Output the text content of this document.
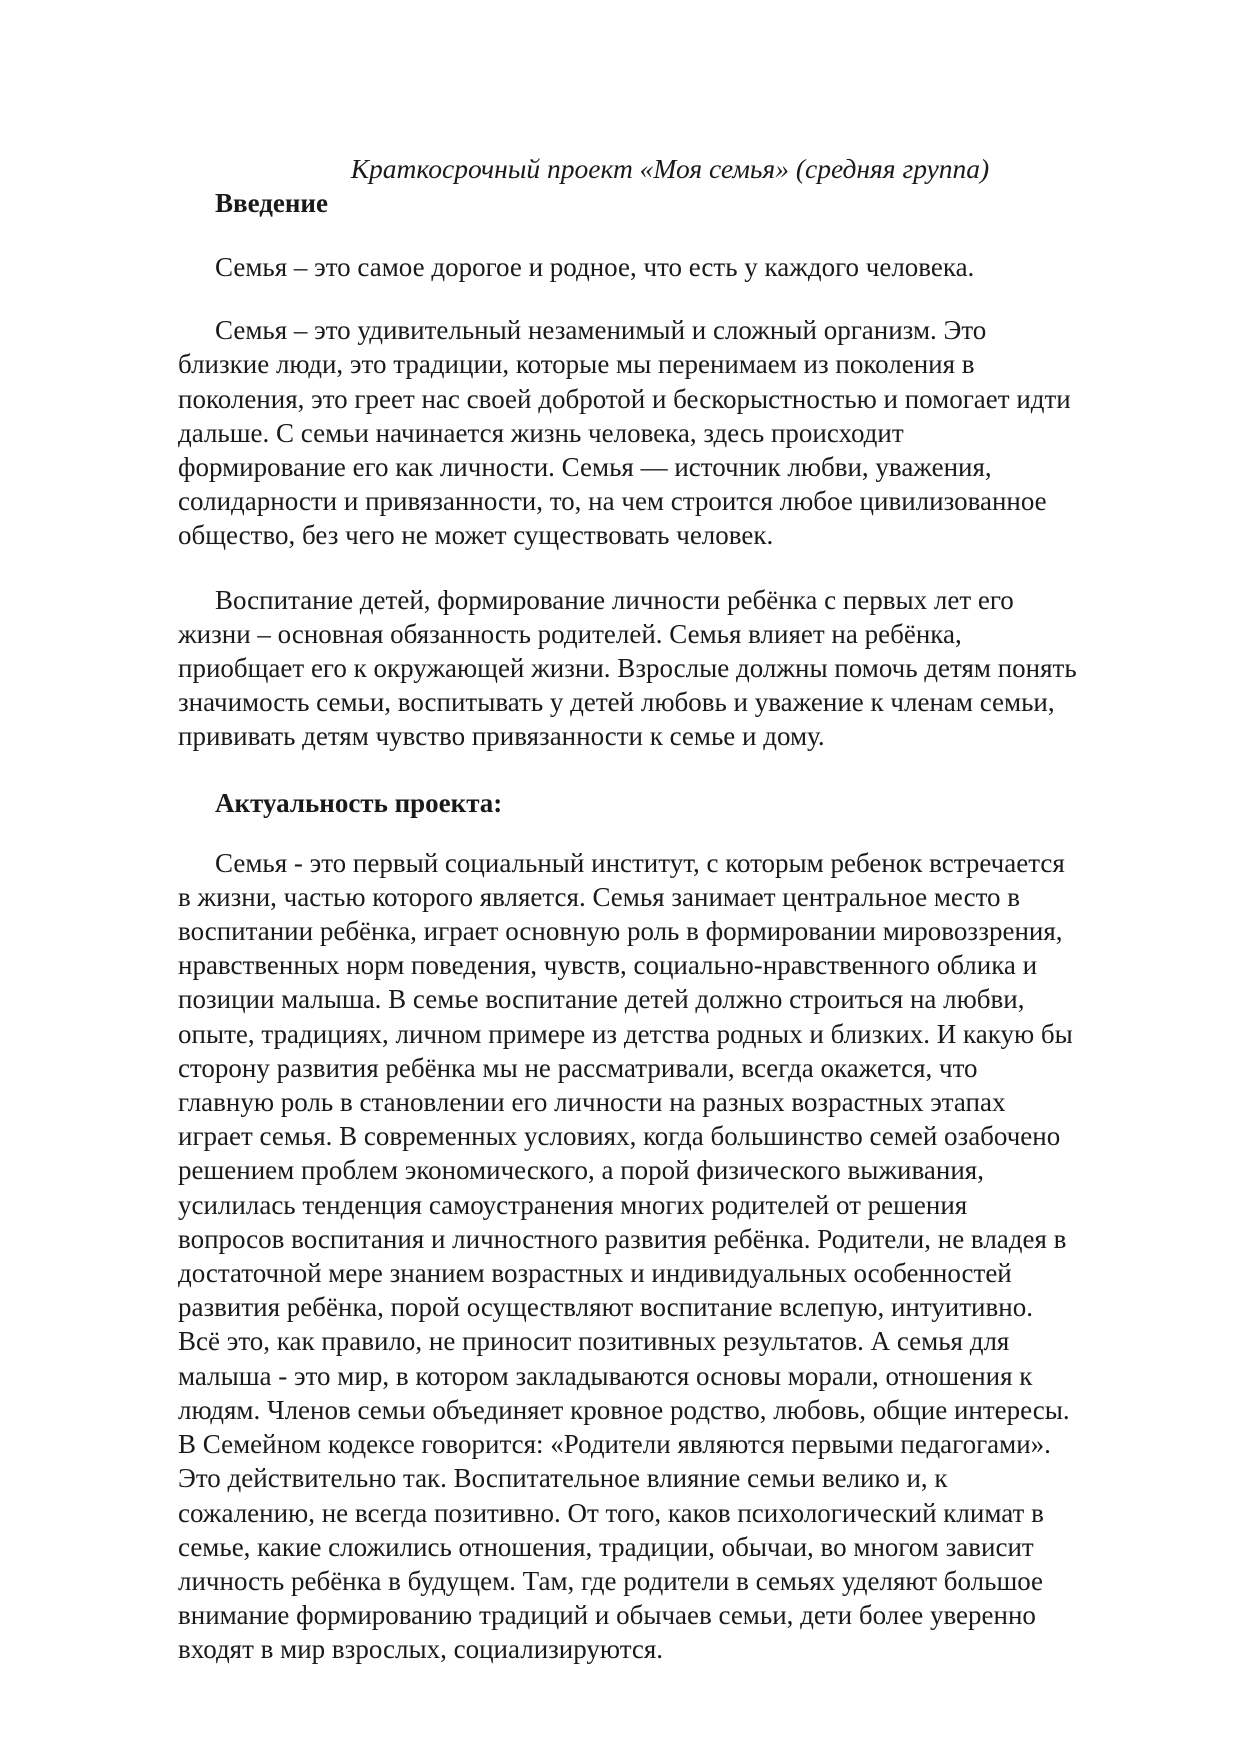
Краткосрочный проект «Моя семья» (средняя группа)
Введение

Семья – это самое дорогое и родное, что есть у каждого человека.

Семья – это удивительный незаменимый и сложный организм. Это
близкие люди, это традиции, которые мы перенимаем из поколения в
поколения, это греет нас своей добротой и бескорыстностью и помогает идти
дальше. С семьи начинается жизнь человека, здесь происходит
формирование его как личности. Семья — источник любви, уважения,
солидарности и привязанности, то, на чем строится любое цивилизованное
общество, без чего не может существовать человек.

Воспитание детей, формирование личности ребёнка с первых лет его
жизни – основная обязанность родителей. Семья влияет на ребёнка,
приобщает его к окружающей жизни. Взрослые должны помочь детям понять
значимость семьи, воспитывать у детей любовь и уважение к членам семьи,
прививать детям чувство привязанности к семье и дому.

Актуальность проекта:

Семья - это первый социальный институт, с которым ребенок встречается
в жизни, частью которого является. Семья занимает центральное место в
воспитании ребёнка, играет основную роль в формировании мировоззрения,
нравственных норм поведения, чувств, социально-нравственного облика и
позиции малыша. В семье воспитание детей должно строиться на любви,
опыте, традициях, личном примере из детства родных и близких. И какую бы
сторону развития ребёнка мы не рассматривали, всегда окажется, что
главную роль в становлении его личности на разных возрастных этапах
играет семья. В современных условиях, когда большинство семей озабочено
решением проблем экономического, а порой физического выживания,
усилилась тенденция самоустранения многих родителей от решения
вопросов воспитания и личностного развития ребёнка. Родители, не владея в
достаточной мере знанием возрастных и индивидуальных особенностей
развития ребёнка, порой осуществляют воспитание вслепую, интуитивно.
Всё это, как правило, не приносит позитивных результатов. А семья для
малыша - это мир, в котором закладываются основы морали, отношения к
людям. Членов семьи объединяет кровное родство, любовь, общие интересы.
В Семейном кодексе говорится: «Родители являются первыми педагогами».
Это действительно так. Воспитательное влияние семьи велико и, к
сожалению, не всегда позитивно. От того, каков психологический климат в
семье, какие сложились отношения, традиции, обычаи, во многом зависит
личность ребёнка в будущем. Там, где родители в семьях уделяют большое
внимание формированию традиций и обычаев семьи, дети более уверенно
входят в мир взрослых, социализируются.
